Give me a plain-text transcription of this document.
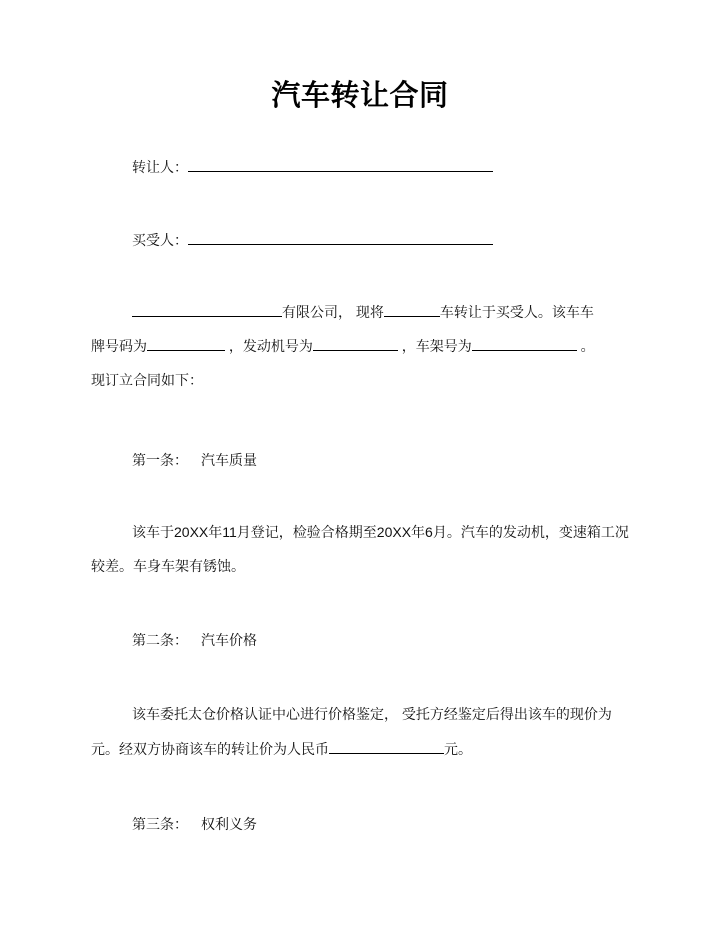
汽车转让合同
转让人：
买受人：
有限公司， 现将	车转让于买受人。该车车
牌号码为	，发动机号为	，车架号为	。
现订立合同如下：
第一条： 汽车质量
该车于20XX年11月登记，检验合格期至20XX年6月。汽车的发动机，变速箱工况
较差。车身车架有锈蚀。
第二条： 汽车价格
该车委托太仓价格认证中心进行价格鉴定， 受托方经鉴定后得出该车的现价为
元。经双方协商该车的转让价为人民币	元。
第三条： 权利义务
